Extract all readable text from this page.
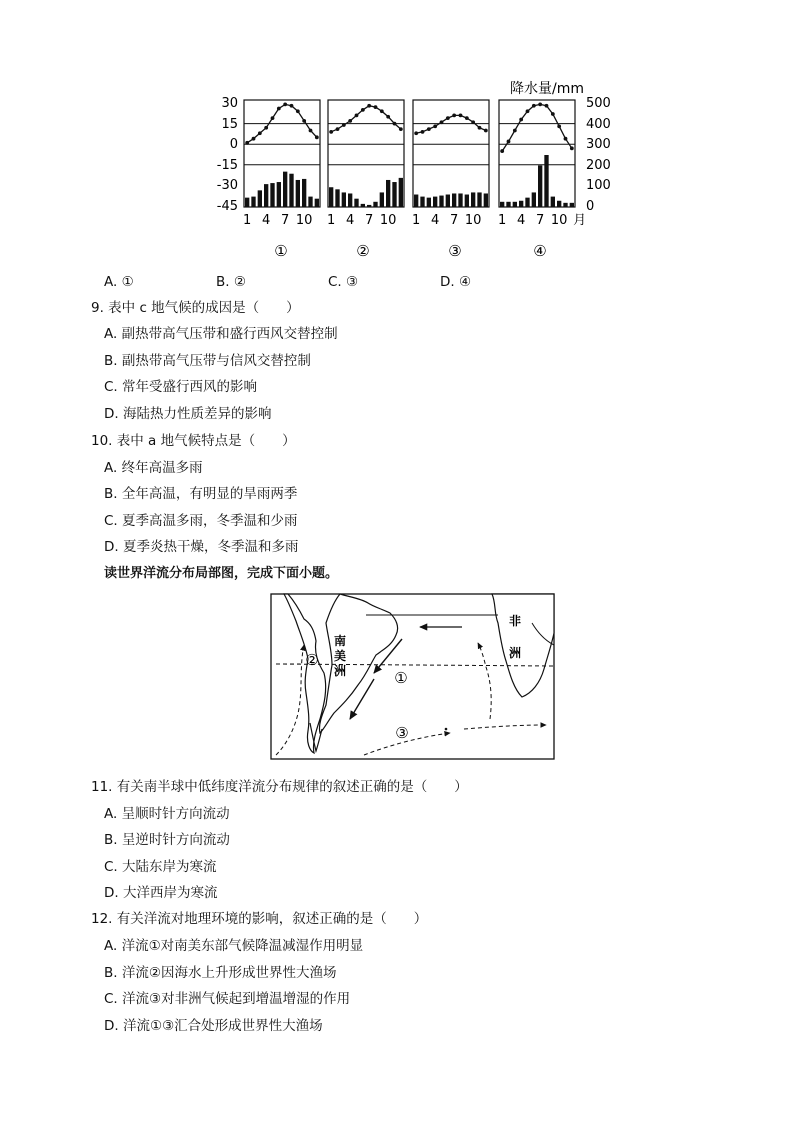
降水量/mm
30
15
0
-15
-30
-45
500
400
300
200
100
0
1 4 7 10 1 4 7 10 1 4 7 10 1 4 7 10 月
①	②	③	④
A. ①	B. ②	C. ③	D. ④
9. 表中 c 地气候的成因是（　　）
A. 副热带高气压带和盛行西风交替控制
B. 副热带高气压带与信风交替控制
C. 常年受盛行西风的影响
D. 海陆热力性质差异的影响
10. 表中 a 地气候特点是（　　）
A. 终年高温多雨
B. 全年高温，有明显的旱雨两季
C. 夏季高温多雨，冬季温和少雨
D. 夏季炎热干燥，冬季温和多雨
读世界洋流分布局部图，完成下面小题。
南
美
洲
非
洲
②
①
③
11. 有关南半球中低纬度洋流分布规律的叙述正确的是（　　）
A. 呈顺时针方向流动
B. 呈逆时针方向流动
C. 大陆东岸为寒流
D. 大洋西岸为寒流
12. 有关洋流对地理环境的影响，叙述正确的是（　　）
A. 洋流①对南美东部气候降温减湿作用明显
B. 洋流②因海水上升形成世界性大渔场
C. 洋流③对非洲气候起到增温增湿的作用
D. 洋流①③汇合处形成世界性大渔场
